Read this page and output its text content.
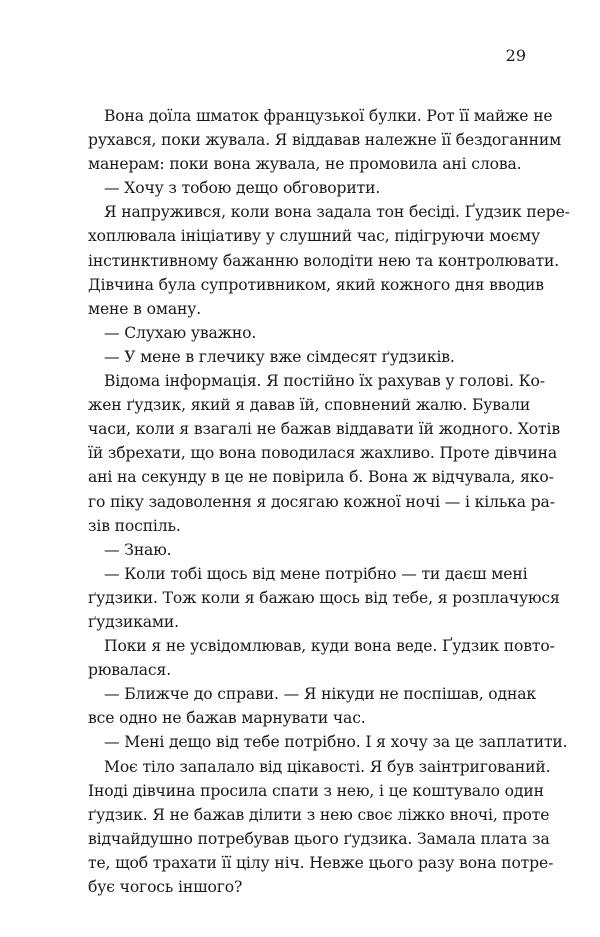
29
Вона доїла шматок французької булки. Рот її майже не
рухався, поки жувала. Я віддавав належне її бездоганним
манерам: поки вона жувала, не промовила ані слова.
— Хочу з тобою дещо обговорити.
Я напружився, коли вона задала тон бесіді. Ґудзик пере-
хоплювала ініціативу у слушний час, підігруючи моєму
інстинктивному бажанню володіти нею та контролювати.
Дівчина була супротивником, який кожного дня вводив
мене в оману.
— Слухаю уважно.
— У мене в глечику вже сімдесят ґудзиків.
Відома інформація. Я постійно їх рахував у голові. Ко-
жен ґудзик, який я давав їй, сповнений жалю. Бували
часи, коли я взагалі не бажав віддавати їй жодного. Хотів
їй збрехати, що вона поводилася жахливо. Проте дівчина
ані на секунду в це не повірила б. Вона ж відчувала, яко-
го піку задоволення я досягаю кожної ночі — і кілька ра-
зів поспіль.
— Знаю.
— Коли тобі щось від мене потрібно — ти даєш мені
ґудзики. Тож коли я бажаю щось від тебе, я розплачуюся
ґудзиками.
Поки я не усвідомлював, куди вона веде. Ґудзик повто-
рювалася.
— Ближче до справи. — Я нікуди не поспішав, однак
все одно не бажав марнувати час.
— Мені дещо від тебе потрібно. І я хочу за це заплатити.
Моє тіло запалало від цікавості. Я був заінтригований.
Іноді дівчина просила спати з нею, і це коштувало один
ґудзик. Я не бажав ділити з нею своє ліжко вночі, проте
відчайдушно потребував цього ґудзика. Замала плата за
те, щоб трахати її цілу ніч. Невже цього разу вона потре-
бує чогось іншого?
